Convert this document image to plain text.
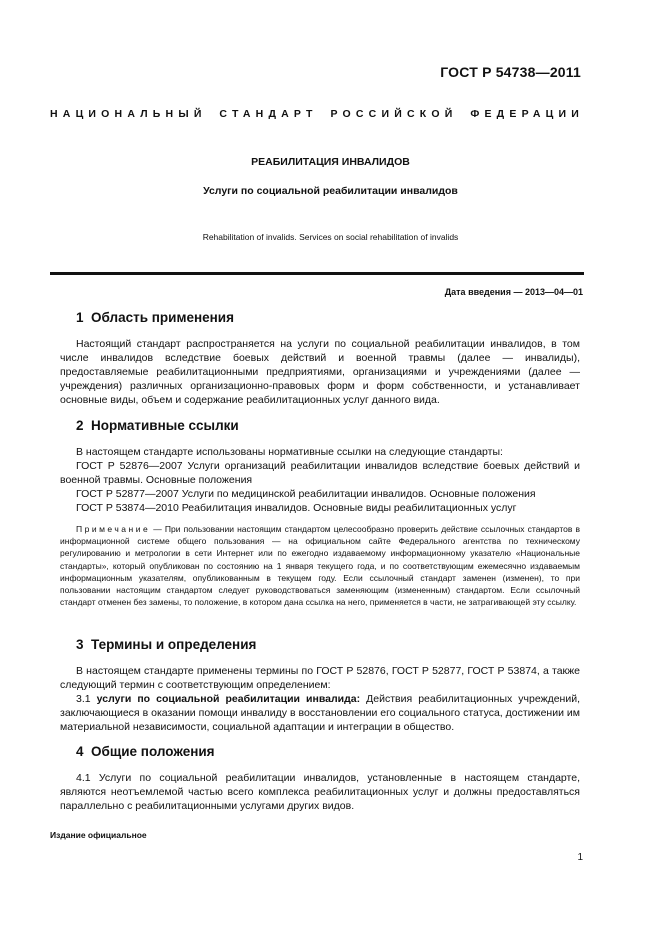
ГОСТ Р 54738—2011
НАЦИОНАЛЬНЫЙ СТАНДАРТ РОССИЙСКОЙ ФЕДЕРАЦИИ
РЕАБИЛИТАЦИЯ ИНВАЛИДОВ
Услуги по социальной реабилитации инвалидов
Rehabilitation of invalids. Services on social rehabilitation of invalids
Дата введения — 2013—04—01
1 Область применения
Настоящий стандарт распространяется на услуги по социальной реабилитации инвалидов, в том числе инвалидов вследствие боевых действий и военной травмы (далее — инвалиды), предоставляемые реабилитационными предприятиями, организациями и учреждениями (далее — учреждения) различных организационно-правовых форм и форм собственности, и устанавливает основные виды, объем и содержание реабилитационных услуг данного вида.
2 Нормативные ссылки
В настоящем стандарте использованы нормативные ссылки на следующие стандарты:
ГОСТ Р 52876—2007 Услуги организаций реабилитации инвалидов вследствие боевых действий и военной травмы. Основные положения
ГОСТ Р 52877—2007 Услуги по медицинской реабилитации инвалидов. Основные положения
ГОСТ Р 53874—2010 Реабилитация инвалидов. Основные виды реабилитационных услуг
Примечание — При пользовании настоящим стандартом целесообразно проверить действие ссылочных стандартов в информационной системе общего пользования — на официальном сайте Федерального агентства по техническому регулированию и метрологии в сети Интернет или по ежегодно издаваемому информационному указателю «Национальные стандарты», который опубликован по состоянию на 1 января текущего года, и по соответствующим ежемесячно издаваемым информационным указателям, опубликованным в текущем году. Если ссылочный стандарт заменен (изменен), то при пользовании настоящим стандартом следует руководствоваться заменяющим (измененным) стандартом. Если ссылочный стандарт отменен без замены, то положение, в котором дана ссылка на него, применяется в части, не затрагивающей эту ссылку.
3 Термины и определения
В настоящем стандарте применены термины по ГОСТ Р 52876, ГОСТ Р 52877, ГОСТ Р 53874, а также следующий термин с соответствующим определением:
3.1 услуги по социальной реабилитации инвалида: Действия реабилитационных учреждений, заключающиеся в оказании помощи инвалиду в восстановлении его социального статуса, достижении им материальной независимости, социальной адаптации и интеграции в общество.
4 Общие положения
4.1 Услуги по социальной реабилитации инвалидов, установленные в настоящем стандарте, являются неотъемлемой частью всего комплекса реабилитационных услуг и должны предоставляться параллельно с реабилитационными услугами других видов.
Издание официальное
1
